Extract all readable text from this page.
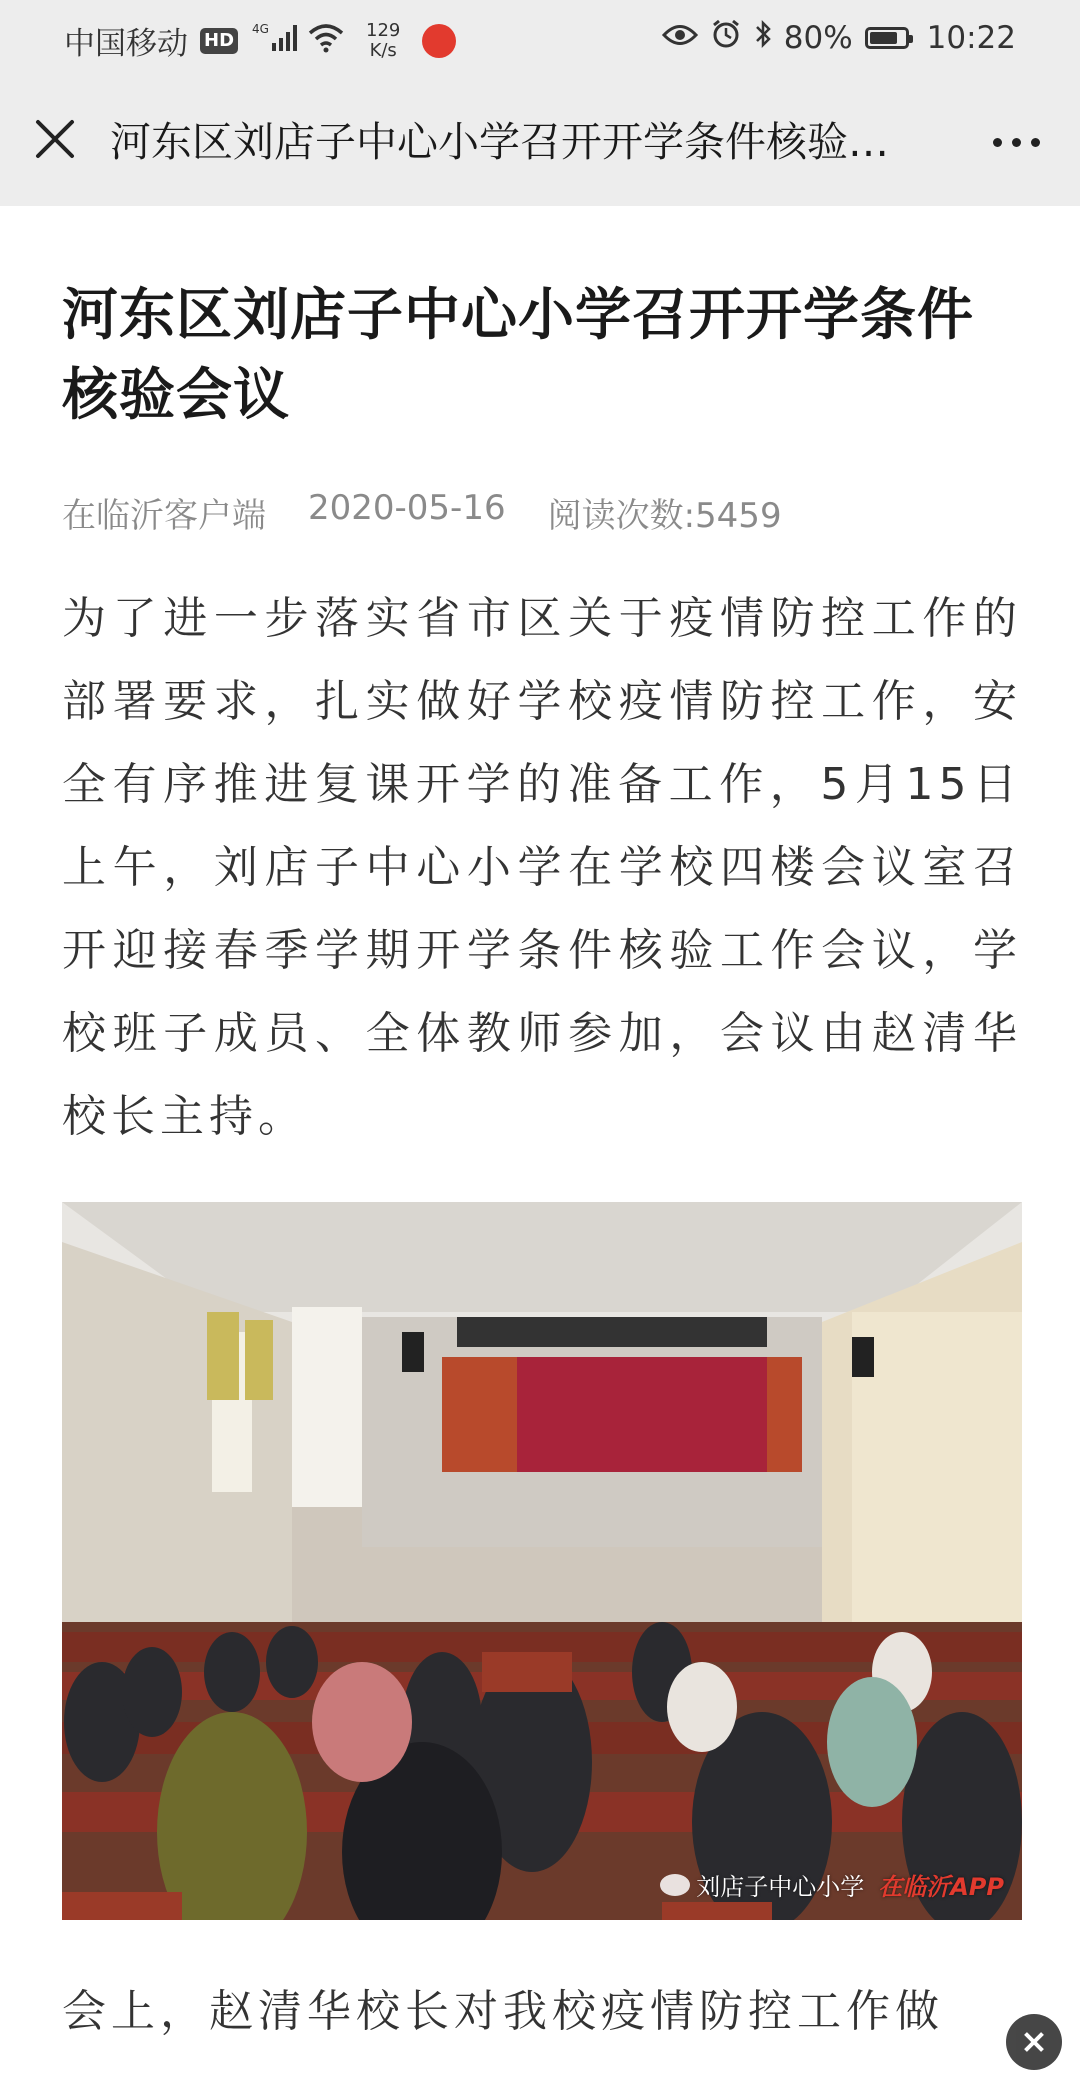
中国移动 HD
4G	129
K/s	80% 10:22
河东区刘店子中心小学召开开学条件核验…
河东区刘店子中心小学召开开学条件核验会议
在临沂客户端 2020-05-16 阅读次数:5459

为了进一步落实省市区关于疫情防控工作的部署要求，扎实做好学校疫情防控工作，安全有序推进复课开学的准备工作，5月15日上午，刘店子中心小学在学校四楼会议室召开迎接春季学期开学条件核验工作会议，学校班子成员、全体教师参加，会议由赵清华校长主持。

刘店子中心小学 在临沂APP

会上，赵清华校长对我校疫情防控工作做
